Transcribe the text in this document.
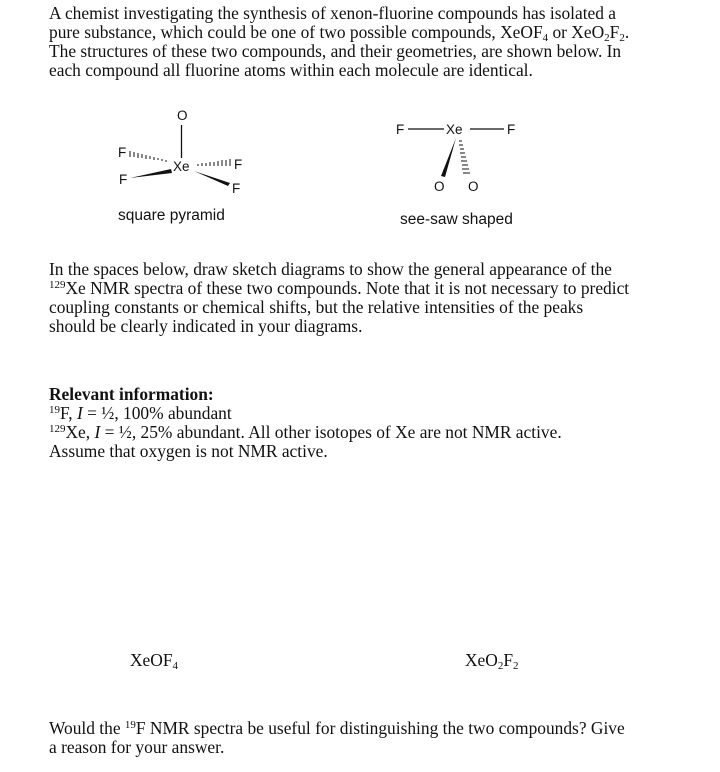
A chemist investigating the synthesis of xenon-fluorine compounds has isolated a
pure substance, which could be one of two possible compounds, XeOF$_4$ or $XeO_2F_2$.
The structures of these two compounds, and their geometries, are shown below. In
each compound all fluorine atoms within each molecule are identical.
O
F
Xe	F
F
F
F	Xe	F
O O
square pyramid	see-saw shaped
In the spaces below, draw sketch diagrams to show the general appearance of the
$^{129}$Xe NMR spectra of these two compounds. Note that it is not necessary to predict
coupling constants or chemical shifts, but the relative intensities of the peaks
should be clearly indicated in your diagrams.
Relevant information:
$^{19}$F, I = ½, 100% abundant
$^{129}$Xe, I = ½, 25% abundant. All other isotopes of Xe are not NMR active.
Assume that oxygen is not NMR active.
XeOF$_4$	$XeO_2F_2$
Would the $^{19}$F NMR spectra be useful for distinguishing the two compounds? Give
a reason for your answer.
